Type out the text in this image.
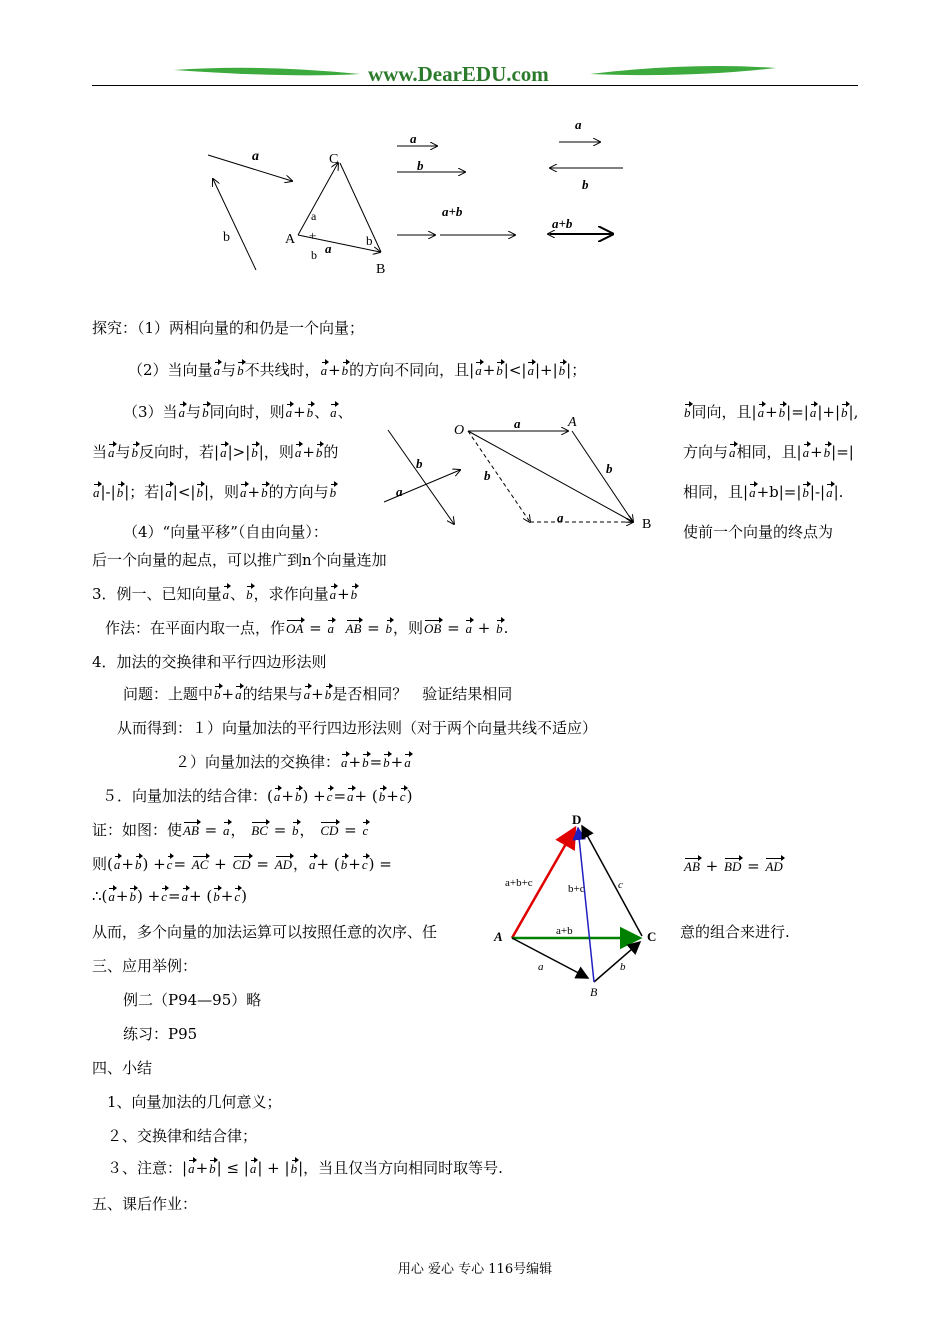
www.DearEDU.com
a
b
C
A
B
a
+
b
b
a
a
b
a+b
a
b
a+b
探究：（1）两相向量的和仍是一个向量；
（2）当向量a与b不共线时，a+b的方向不同向，且|a+b|<|a|+|b|；
（3）当a与b同向时，则a+b、a、	b同向，且|a+b|=|a|+|b|,
当a与b反向时，若|a|>|b|，则a+b的	方向与a相同，且|a+b|=|
a|-|b|；若|a|<|b|，则a+b的方向与b	相同，且|a+b|=|b|-|a|.
b
a
O
A
B
a
b
b
a
（4）“向量平移”（自由向量）：	使前一个向量的终点为
后一个向量的起点，可以推广到n个向量连加
3．例一、已知向量a、b，求作向量a+b
作法：在平面内取一点，作OA = a AB = b，则OB = a + b.
4．加法的交换律和平行四边形法则
问题：上题中b+a的结果与a+b是否相同？　验证结果相同
从而得到：１）向量加法的平行四边形法则（对于两个向量共线不适应）
２）向量加法的交换律：a+b=b+a
５．向量加法的结合律：(a+b) +c=a+ (b+c)
证：如图：使AB = a， BC = b， CD = c
则(a+b) +c= AC + CD = AD，a+ (b+c) =	AB + BD = AD
∴(a+b) +c=a+ (b+c)
D
A
B
C
a+b+c	b+c	c
a+b
a	b
从而，多个向量的加法运算可以按照任意的次序、任	意的组合来进行.
三、应用举例：
例二（P94—95）略
练习：P95
四、小结
1、向量加法的几何意义；
２、交换律和结合律；
３、注意：|a+b| ≤ |a| + |b|，当且仅当方向相同时取等号.
五、课后作业：
用心 爱心 专心 116号编辑
